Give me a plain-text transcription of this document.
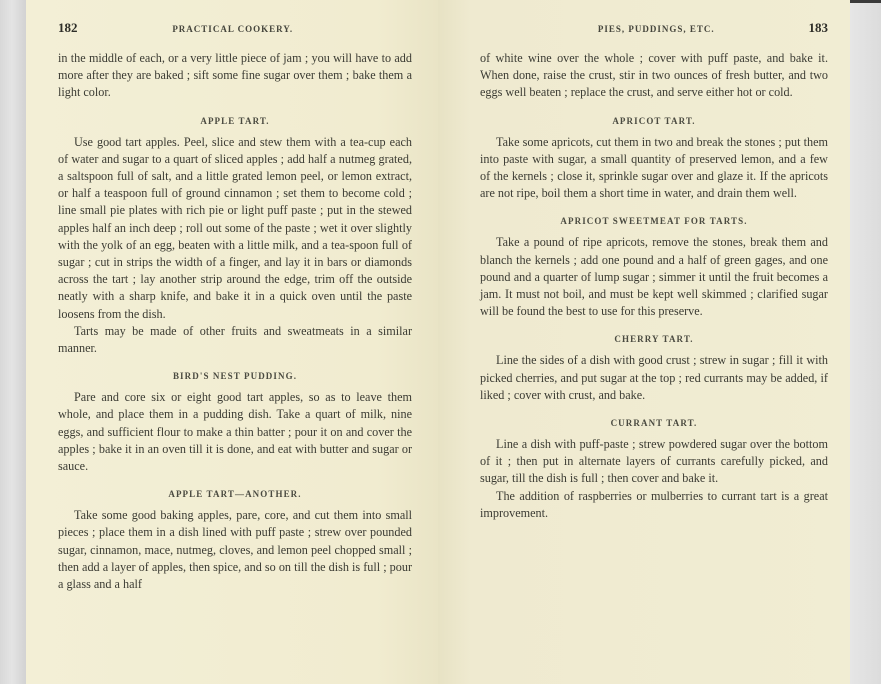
182	PRACTICAL COOKERY.

in the middle of each, or a very little piece of jam ; you will have to add more after they are baked ; sift some fine sugar over them ; bake them a light color.

APPLE TART.

Use good tart apples. Peel, slice and stew them with a tea-cup each of water and sugar to a quart of sliced apples ; add half a nutmeg grated, a saltspoon full of salt, and a little grated lemon peel, or lemon extract, or half a teaspoon full of ground cinnamon ; set them to become cold ; line small pie plates with rich pie or light puff paste ; put in the stewed apples half an inch deep ; roll out some of the paste ; wet it over slightly with the yolk of an egg, beaten with a little milk, and a tea-spoon full of sugar ; cut in strips the width of a finger, and lay it in bars or diamonds across the tart ; lay another strip around the edge, trim off the outside neatly with a sharp knife, and bake it in a quick oven until the paste loosens from the dish.

Tarts may be made of other fruits and sweatmeats in a similar manner.

BIRD'S NEST PUDDING.

Pare and core six or eight good tart apples, so as to leave them whole, and place them in a pudding dish. Take a quart of milk, nine eggs, and sufficient flour to make a thin batter ; pour it on and cover the apples ; bake it in an oven till it is done, and eat with butter and sugar or sauce.

APPLE TART—ANOTHER.

Take some good baking apples, pare, core, and cut them into small pieces ; place them in a dish lined with puff paste ; strew over pounded sugar, cinnamon, mace, nutmeg, cloves, and lemon peel chopped small ; then add a layer of apples, then spice, and so on till the dish is full ; pour a glass and a half

PIES, PUDDINGS, ETC.	183

of white wine over the whole ; cover with puff paste, and bake it. When done, raise the crust, stir in two ounces of fresh butter, and two eggs well beaten ; replace the crust, and serve either hot or cold.

APRICOT TART.

Take some apricots, cut them in two and break the stones ; put them into paste with sugar, a small quantity of preserved lemon, and a few of the kernels ; close it, sprinkle sugar over and glaze it. If the apricots are not ripe, boil them a short time in water, and drain them well.

APRICOT SWEETMEAT FOR TARTS.

Take a pound of ripe apricots, remove the stones, break them and blanch the kernels ; add one pound and a half of green gages, and one pound and a quarter of lump sugar ; simmer it until the fruit becomes a jam. It must not boil, and must be kept well skimmed ; clarified sugar will be found the best to use for this preserve.

CHERRY TART.

Line the sides of a dish with good crust ; strew in sugar ; fill it with picked cherries, and put sugar at the top ; red currants may be added, if liked ; cover with crust, and bake.

CURRANT TART.

Line a dish with puff-paste ; strew powdered sugar over the bottom of it ; then put in alternate layers of currants carefully picked, and sugar, till the dish is full ; then cover and bake it.

The addition of raspberries or mulberries to currant tart is a great improvement.
